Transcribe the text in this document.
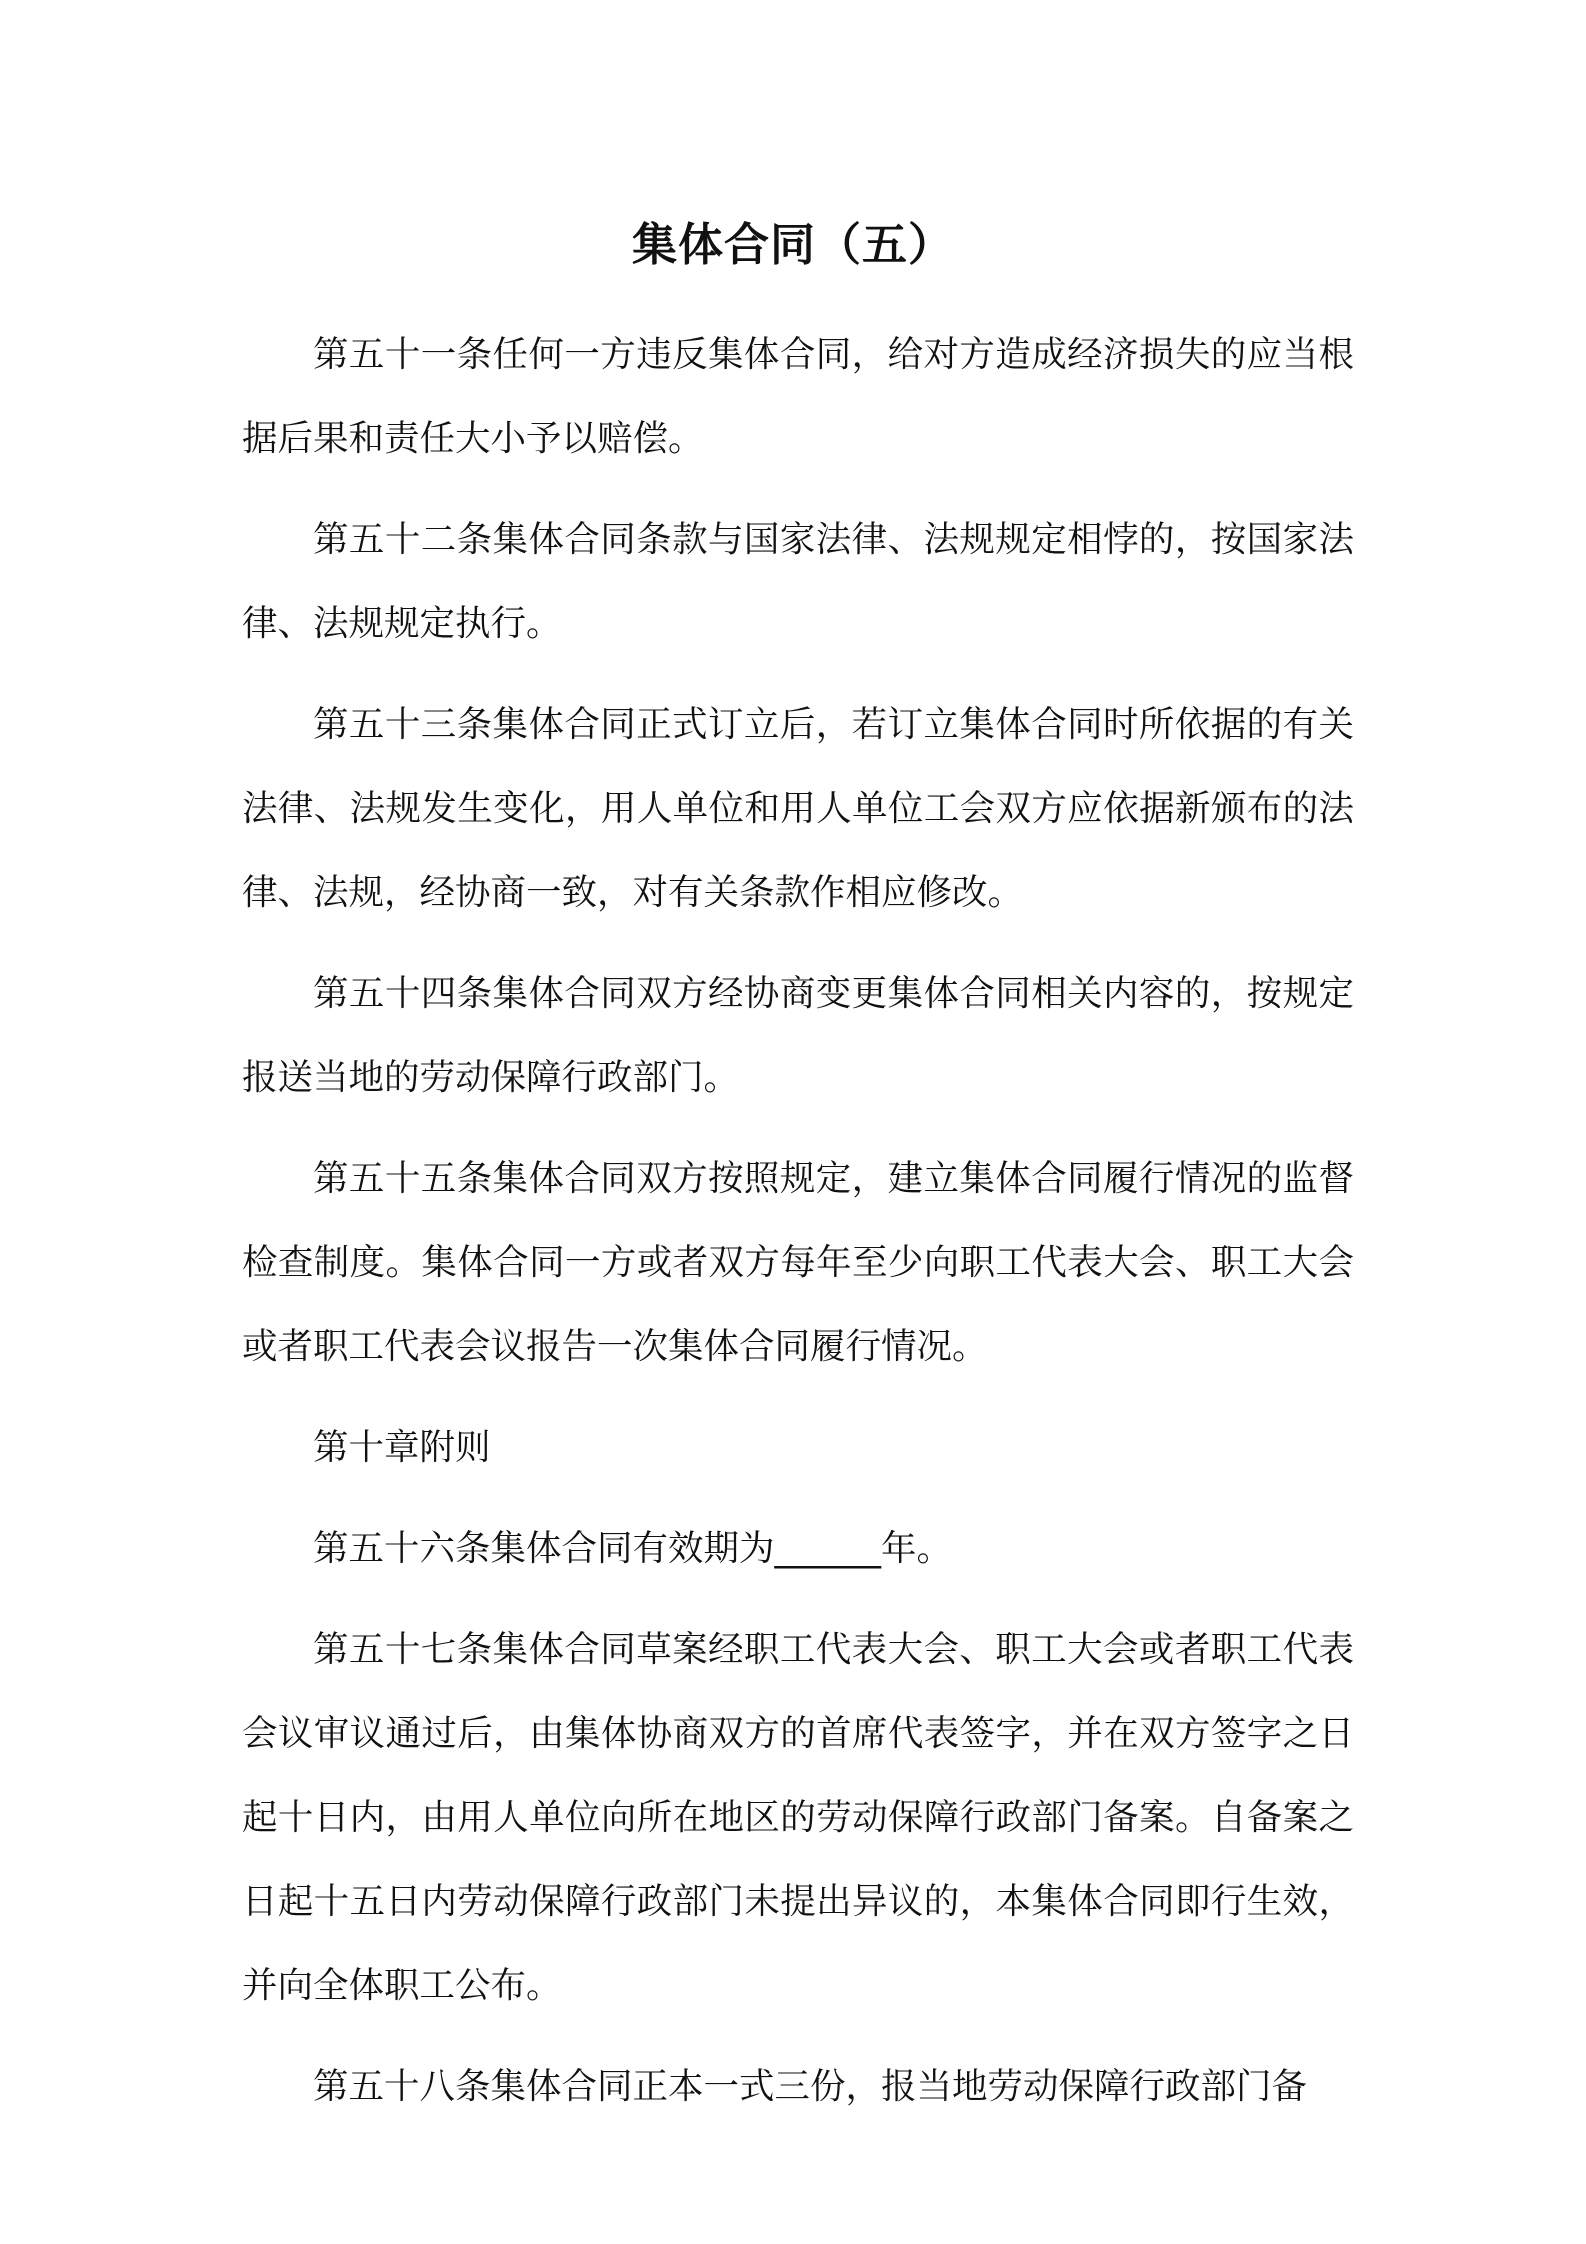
集体合同（五）

第五十一条任何一方违反集体合同，给对方造成经济损失的应当根据后果和责任大小予以赔偿。

第五十二条集体合同条款与国家法律、法规规定相悖的，按国家法律、法规规定执行。

第五十三条集体合同正式订立后，若订立集体合同时所依据的有关法律、法规发生变化，用人单位和用人单位工会双方应依据新颁布的法律、法规，经协商一致，对有关条款作相应修改。

第五十四条集体合同双方经协商变更集体合同相关内容的，按规定报送当地的劳动保障行政部门。

第五十五条集体合同双方按照规定，建立集体合同履行情况的监督检查制度。集体合同一方或者双方每年至少向职工代表大会、职工大会或者职工代表会议报告一次集体合同履行情况。

第十章附则

第五十六条集体合同有效期为______年。

第五十七条集体合同草案经职工代表大会、职工大会或者职工代表会议审议通过后，由集体协商双方的首席代表签字，并在双方签字之日起十日内，由用人单位向所在地区的劳动保障行政部门备案。自备案之日起十五日内劳动保障行政部门未提出异议的，本集体合同即行生效，并向全体职工公布。

第五十八条集体合同正本一式三份，报当地劳动保障行政部门备
